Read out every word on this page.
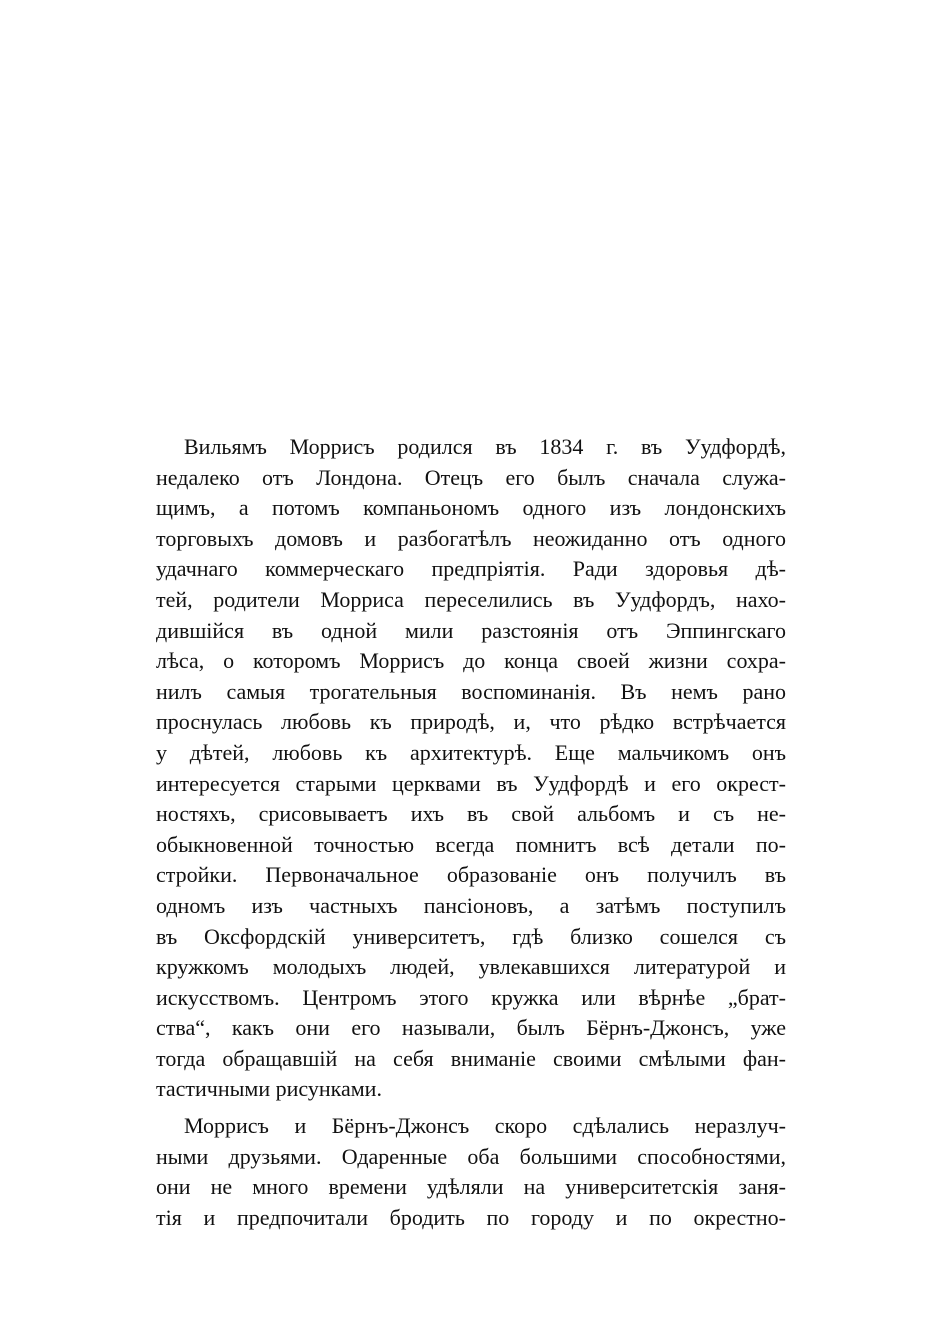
Вильямъ Моррисъ родился въ 1834 г. въ Уудфордѣ,
недалеко отъ Лондона. Отецъ его былъ сначала служа-
щимъ, а потомъ компаньономъ одного изъ лондонскихъ
торговыхъ домовъ и разбогатѣлъ неожиданно отъ одного
удачнаго коммерческаго предпріятія. Ради здоровья дѣ-
тей, родители Морриса переселились въ Уудфордъ, нахо-
дившійся въ одной мили разстоянія отъ Эппингскаго
лѣса, о которомъ Моррисъ до конца своей жизни сохра-
нилъ самыя трогательныя воспоминанія. Въ немъ рано
проснулась любовь къ природѣ, и, что рѣдко встрѣчается
у дѣтей, любовь къ архитектурѣ. Еще мальчикомъ онъ
интересуется старыми церквами въ Уудфордѣ и его окрест-
ностяхъ, срисовываетъ ихъ въ свой альбомъ и съ не-
обыкновенной точностью всегда помнитъ всѣ детали по-
стройки. Первоначальное образованіе онъ получилъ въ
одномъ изъ частныхъ пансіоновъ, а затѣмъ поступилъ
въ Оксфордскій университетъ, гдѣ близко сошелся съ
кружкомъ молодыхъ людей, увлекавшихся литературой и
искусствомъ. Центромъ этого кружка или вѣрнѣе „брат-
ства“, какъ они его называли, былъ Бёрнъ-Джонсъ, уже
тогда обращавшій на себя вниманіе своими смѣлыми фан-
тастичными рисунками.
Моррисъ и Бёрнъ-Джонсъ скоро сдѣлались неразлуч-
ными друзьями. Одаренные оба большими способностями,
они не много времени удѣляли на университетскія заня-
тія и предпочитали бродить по городу и по окрестно-
